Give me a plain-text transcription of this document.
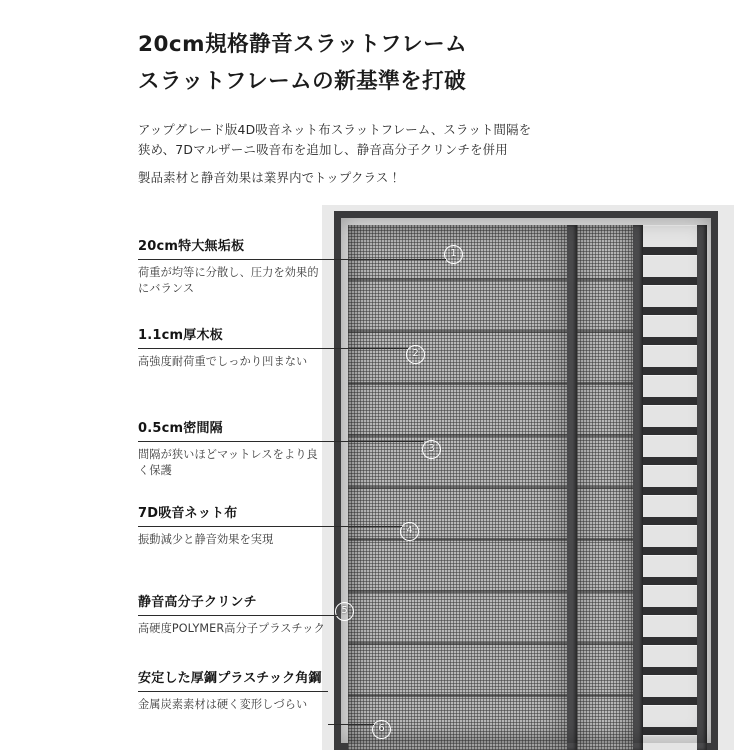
20cm規格静音スラットフレーム
スラットフレームの新基準を打破
アップグレード版4D吸音ネット布スラットフレーム、スラット間隔を
狭め、7Dマルザーニ吸音布を追加し、静音高分子クリンチを併用
製品素材と静音効果は業界内でトップクラス！
1
2
3
4
5
6
20cm特大無垢板
荷重が均等に分散し、圧力を効果的にバランス
1.1cm厚木板
高強度耐荷重でしっかり凹まない
0.5cm密間隔
間隔が狭いほどマットレスをより良く保護
7D吸音ネット布
振動減少と静音効果を実現
静音高分子クリンチ
高硬度POLYMER高分子プラスチック
安定した厚鋼プラスチック角鋼
金属炭素素材は硬く変形しづらい
